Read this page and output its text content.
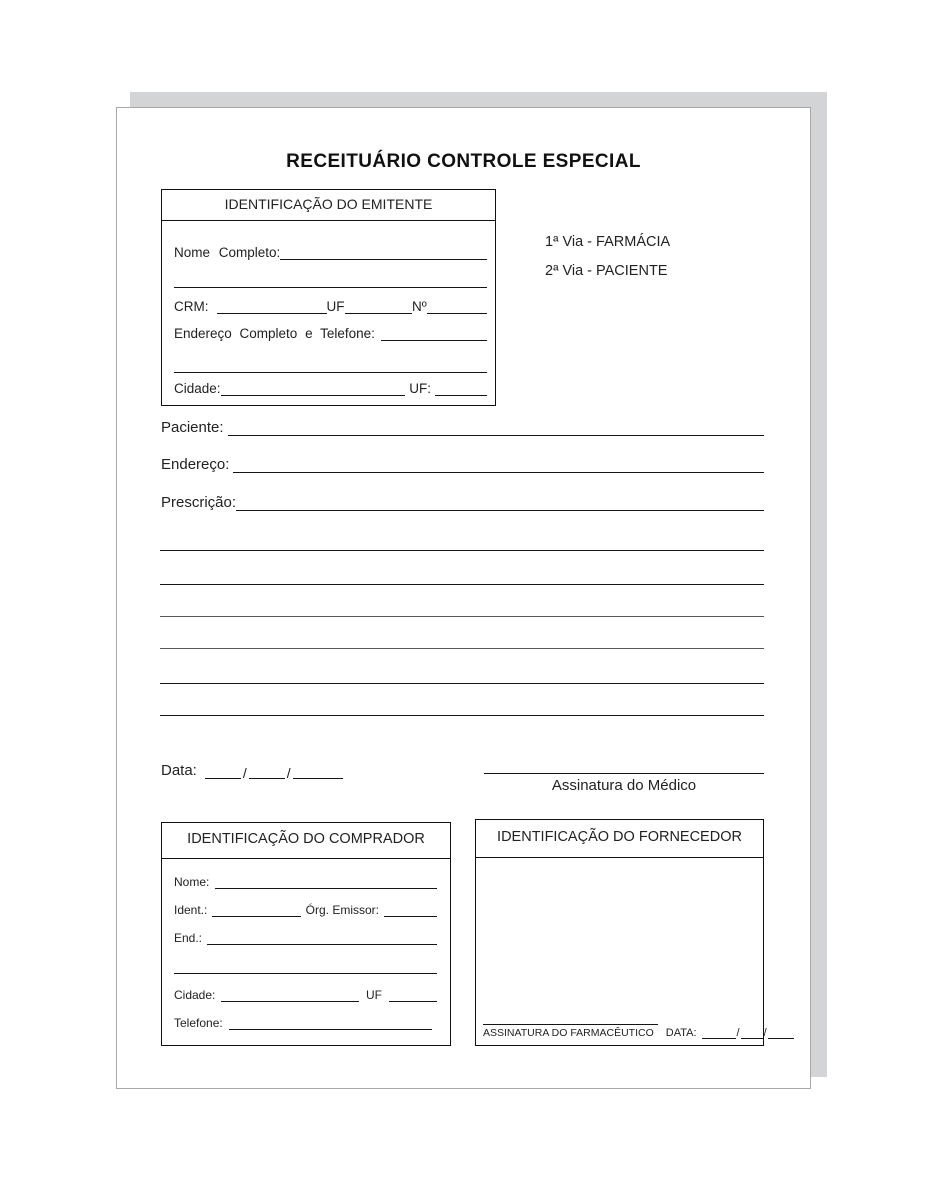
RECEITUÁRIO CONTROLE ESPECIAL
IDENTIFICAÇÃO DO EMITENTE
Nome Completo:
CRM:	UF	Nº
Endereço Completo e Telefone:
Cidade:	UF:
1ª Via - FARMÁCIA
2ª Via - PACIENTE
Paciente:
Endereço:
Prescrição:
Data:	/	/
Assinatura do Médico
IDENTIFICAÇÃO DO COMPRADOR
Nome:
Ident.:	Órg. Emissor:
End.:
Cidade:	UF
Telefone:
IDENTIFICAÇÃO DO FORNECEDOR
ASSINATURA DO FARMACÊUTICO	DATA:	/ /
